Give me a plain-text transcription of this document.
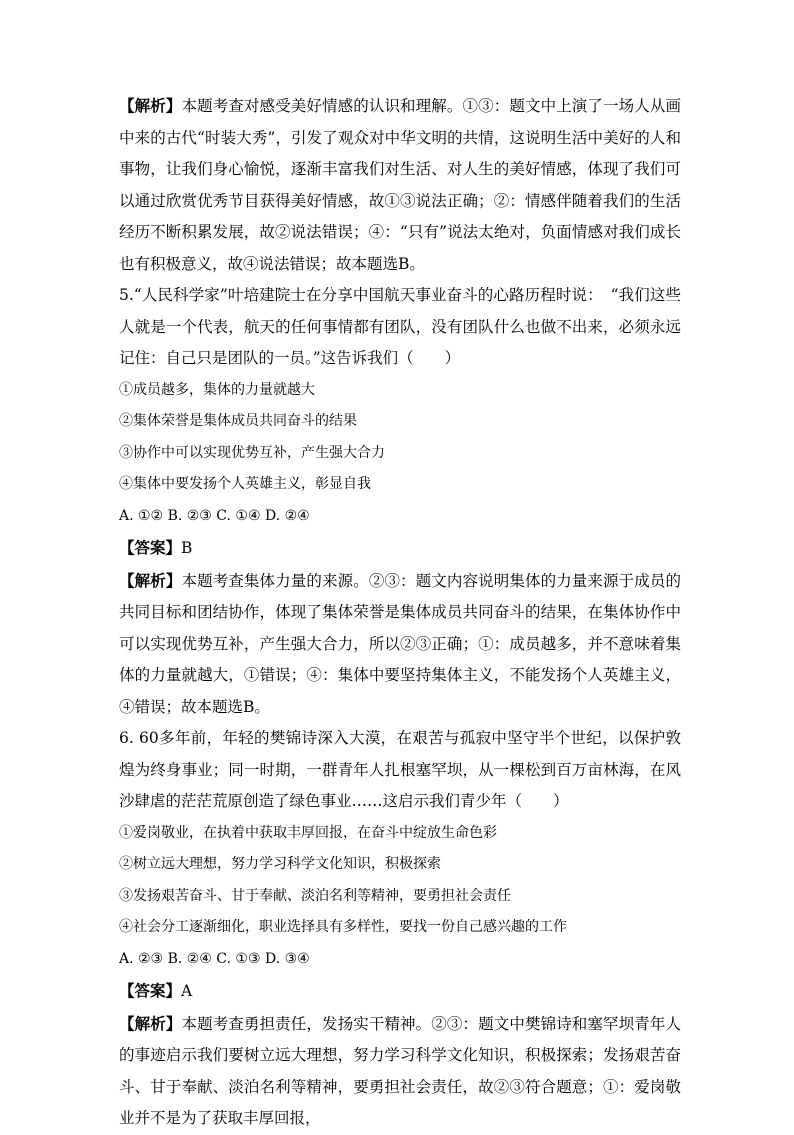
【解析】本题考查对感受美好情感的认识和理解。①③：题文中上演了一场人从画中来的古代“时装大秀”，引发了观众对中华文明的共情，这说明生活中美好的人和事物，让我们身心愉悦，逐渐丰富我们对生活、对人生的美好情感，体现了我们可以通过欣赏优秀节目获得美好情感，故①③说法正确；②：情感伴随着我们的生活经历不断积累发展，故②说法错误；④：“只有”说法太绝对，负面情感对我们成长也有积极意义，故④说法错误；故本题选B。

5.“人民科学家”叶培建院士在分享中国航天事业奋斗的心路历程时说：　“我们这些人就是一个代表，航天的任何事情都有团队，没有团队什么也做不出来，必须永远记住：自己只是团队的一员。”这告诉我们（　　）

①成员越多，集体的力量就越大

②集体荣誉是集体成员共同奋斗的结果

③协作中可以实现优势互补，产生强大合力

④集体中要发扬个人英雄主义，彰显自我

A. ①② B. ②③ C. ①④ D. ②④

【答案】B

【解析】本题考查集体力量的来源。②③：题文内容说明集体的力量来源于成员的共同目标和团结协作，体现了集体荣誉是集体成员共同奋斗的结果，在集体协作中可以实现优势互补，产生强大合力，所以②③正确；①：成员越多，并不意味着集体的力量就越大，①错误；④：集体中要坚持集体主义，不能发扬个人英雄主义，④错误；故本题选B。

6. 60多年前，年轻的樊锦诗深入大漠，在艰苦与孤寂中坚守半个世纪，以保护敦煌为终身事业；同一时期，一群青年人扎根塞罕坝，从一棵松到百万亩林海，在风沙肆虐的茫茫荒原创造了绿色事业……这启示我们青少年（　　）

①爱岗敬业，在执着中获取丰厚回报，在奋斗中绽放生命色彩

②树立远大理想，努力学习科学文化知识，积极探索

③发扬艰苦奋斗、甘于奉献、淡泊名利等精神，要勇担社会责任

④社会分工逐渐细化，职业选择具有多样性，要找一份自己感兴趣的工作

A. ②③ B. ②④ C. ①③ D. ③④

【答案】A

【解析】本题考查勇担责任，发扬实干精神。②③：题文中樊锦诗和塞罕坝青年人的事迹启示我们要树立远大理想，努力学习科学文化知识，积极探索；发扬艰苦奋斗、甘于奉献、淡泊名利等精神，要勇担社会责任，故②③符合题意；①：爱岗敬业并不是为了获取丰厚回报，
